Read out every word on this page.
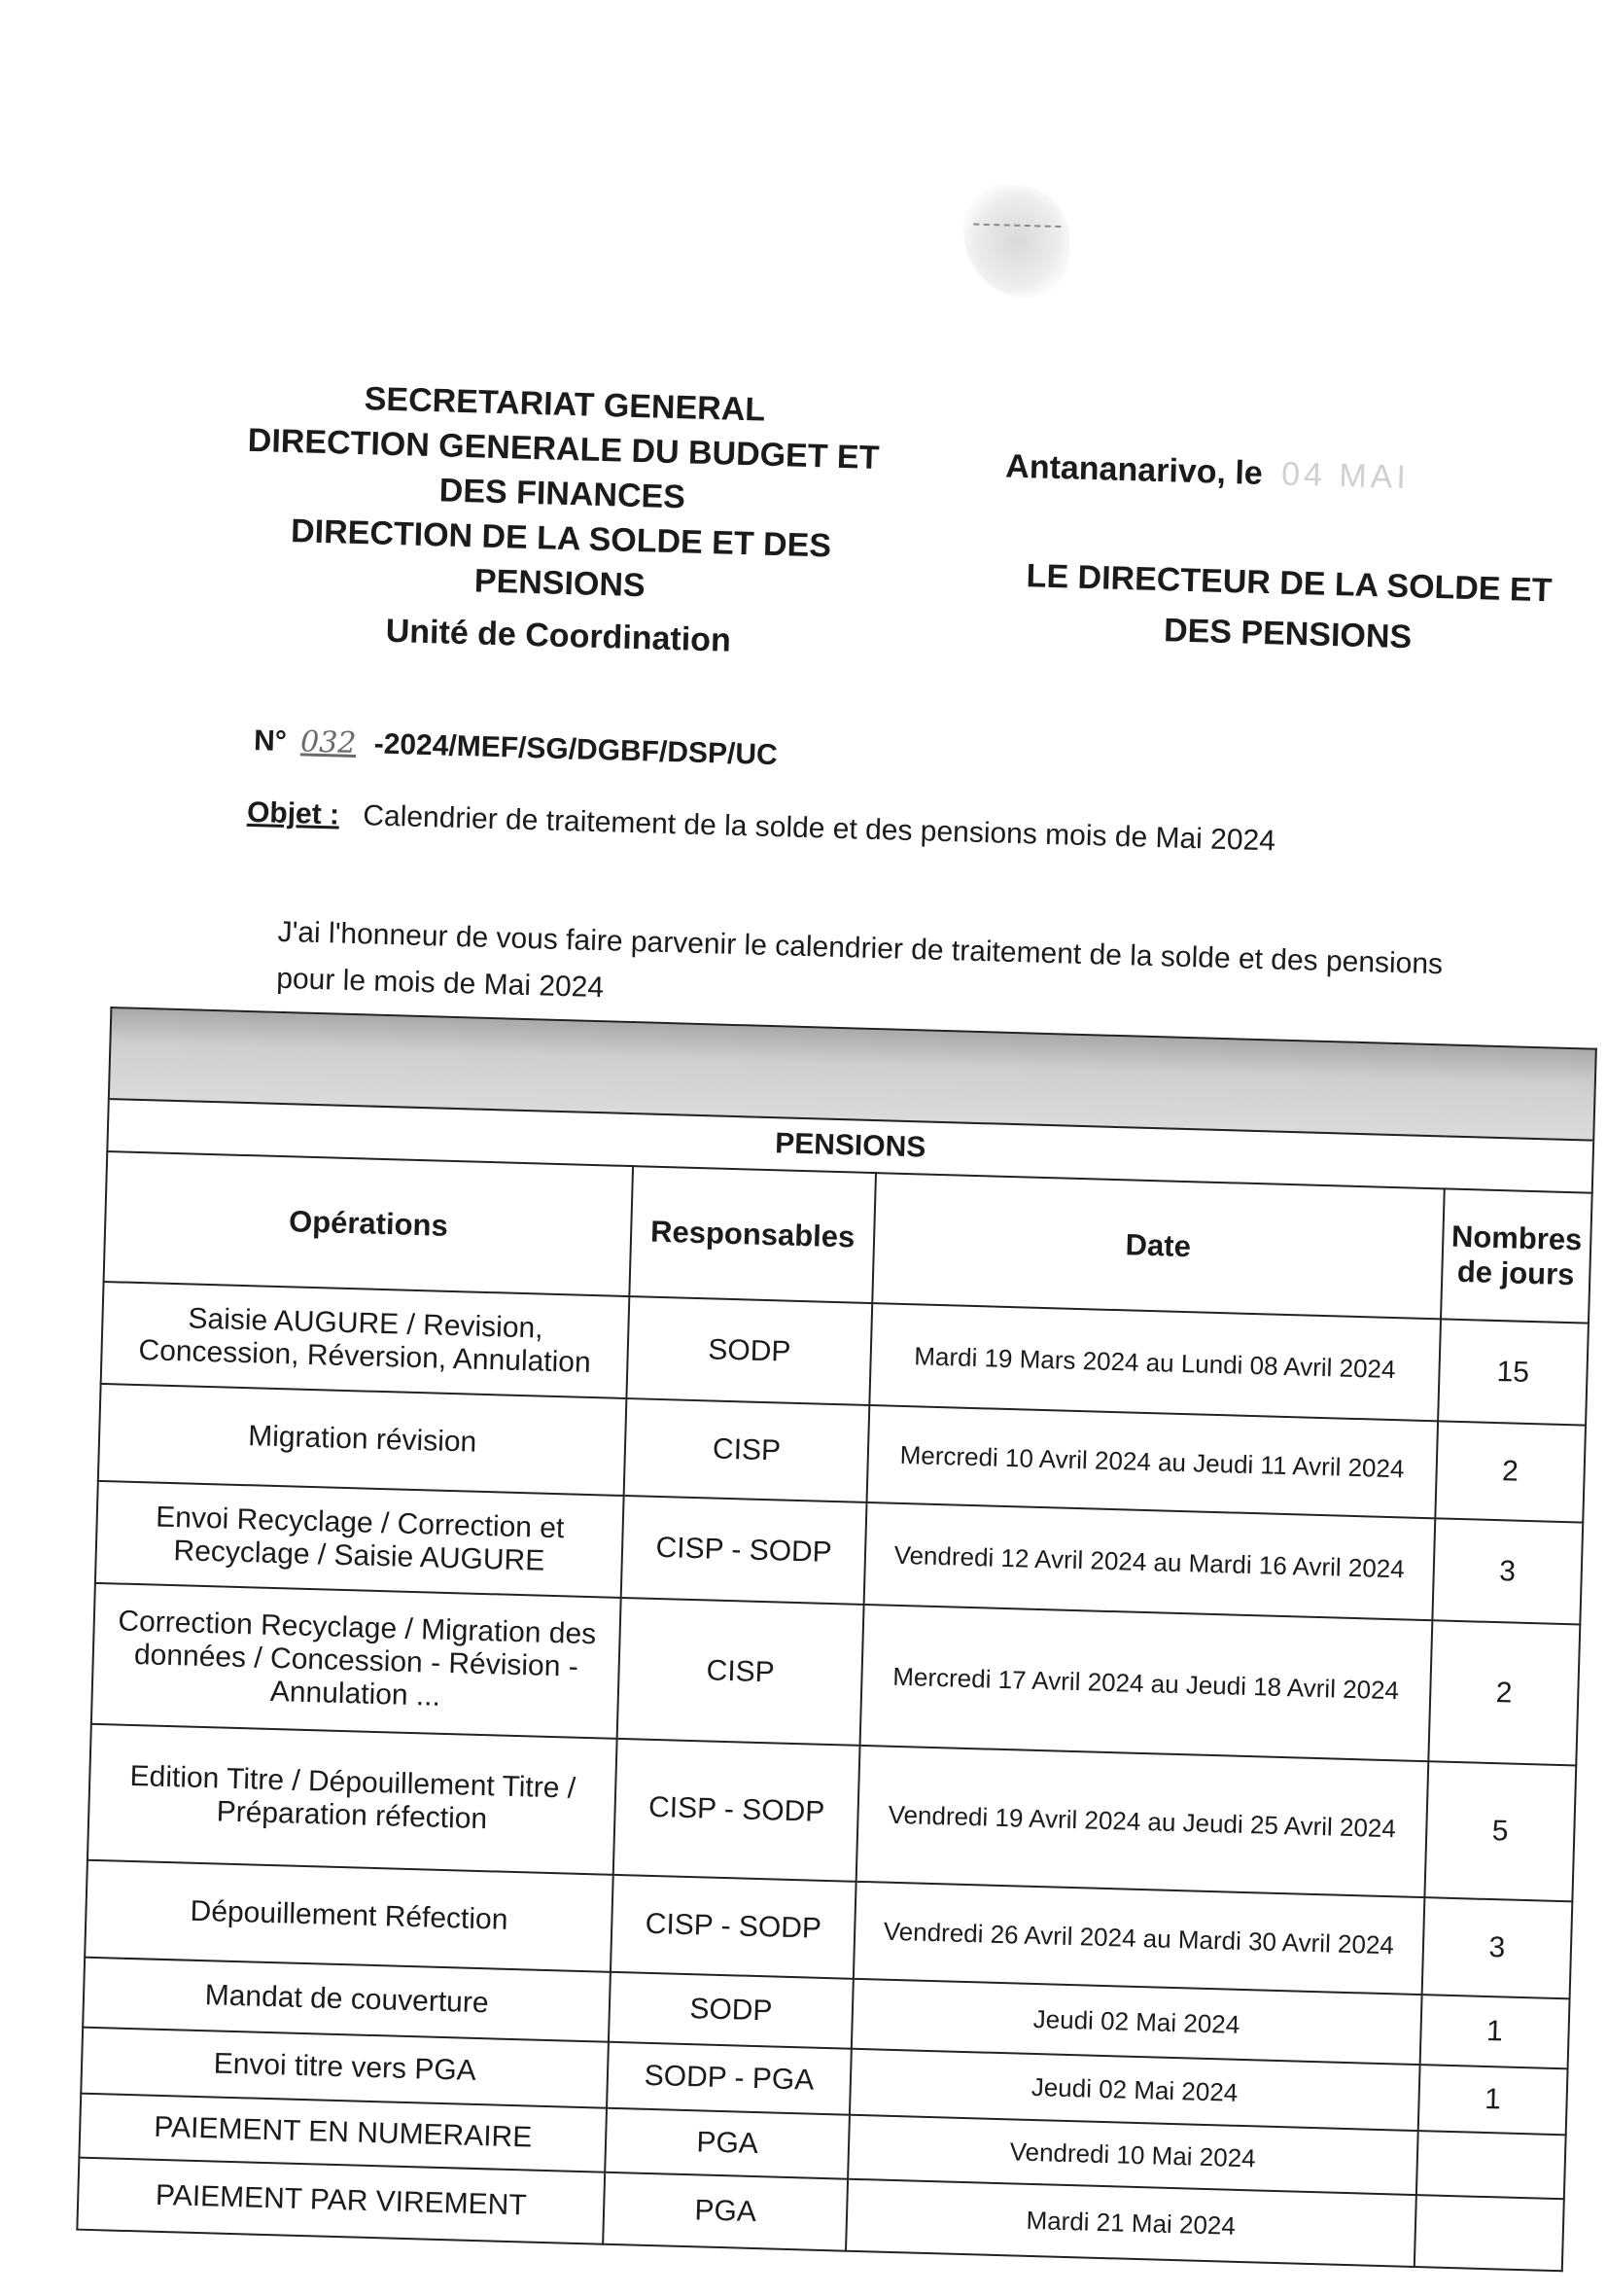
SECRETARIAT GENERAL
DIRECTION GENERALE DU BUDGET ET DES FINANCES
DIRECTION DE LA SOLDE ET DES PENSIONS
Unité de Coordination
Antananarivo, le 04 MAI
LE DIRECTEUR DE LA SOLDE ET DES PENSIONS
N° 032 -2024/MEF/SG/DGBF/DSP/UC
Objet : Calendrier de traitement de la solde et des pensions mois de Mai 2024
J'ai l'honneur de vous faire parvenir le calendrier de traitement de la solde et des pensions pour le mois de Mai 2024

PENSIONS			
Opérations	Responsables	Date	Nombres de jours
Saisie AUGURE / Revision, Concession, Réversion, Annulation	SODP	Mardi 19 Mars 2024 au Lundi 08 Avril 2024	15
Migration révision	CISP	Mercredi 10 Avril 2024 au Jeudi 11 Avril 2024	2
Envoi Recyclage / Correction et Recyclage / Saisie AUGURE	CISP - SODP	Vendredi 12 Avril 2024 au Mardi 16 Avril 2024	3
Correction Recyclage / Migration des données / Concession - Révision - Annulation ...	CISP	Mercredi 17 Avril 2024 au Jeudi 18 Avril 2024	2
Edition Titre / Dépouillement Titre / Préparation réfection	CISP - SODP	Vendredi 19 Avril 2024 au Jeudi 25 Avril 2024	5
Dépouillement Réfection	CISP - SODP	Vendredi 26 Avril 2024 au Mardi 30 Avril 2024	3
Mandat de couverture	SODP	Jeudi 02 Mai 2024	1
Envoi titre vers PGA	SODP - PGA	Jeudi 02 Mai 2024	1
PAIEMENT EN NUMERAIRE	PGA	Vendredi 10 Mai 2024	
PAIEMENT PAR VIREMENT	PGA	Mardi 21 Mai 2024	
